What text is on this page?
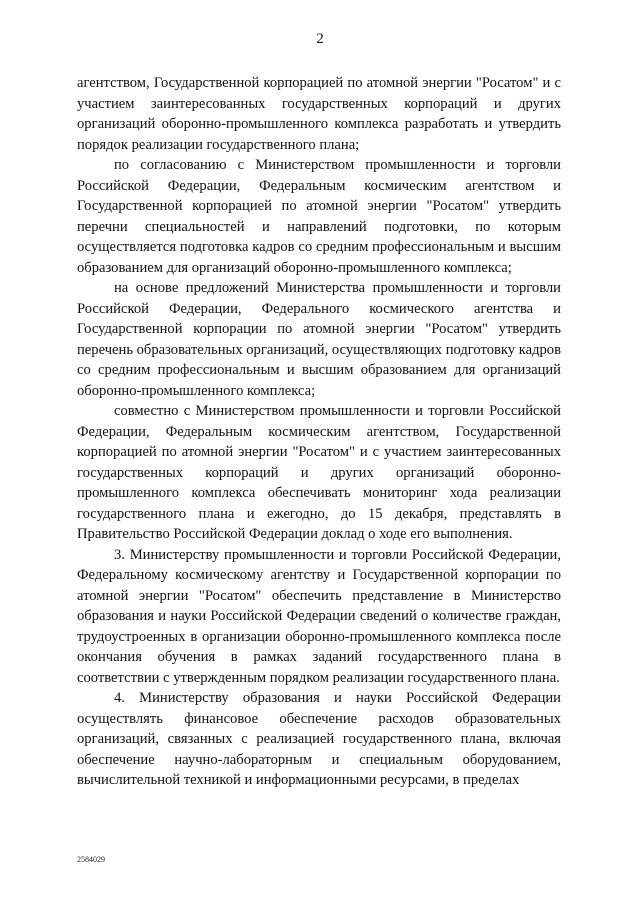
2

агентством, Государственной корпорацией по атомной энергии "Росатом" и с участием заинтересованных государственных корпораций и других организаций оборонно-промышленного комплекса разработать и утвердить порядок реализации государственного плана;

по согласованию с Министерством промышленности и торговли Российской Федерации, Федеральным космическим агентством и Государственной корпорацией по атомной энергии "Росатом" утвердить перечни специальностей и направлений подготовки, по которым осуществляется подготовка кадров со средним профессиональным и высшим образованием для организаций оборонно-промышленного комплекса;

на основе предложений Министерства промышленности и торговли Российской Федерации, Федерального космического агентства и Государственной корпорации по атомной энергии "Росатом" утвердить перечень образовательных организаций, осуществляющих подготовку кадров со средним профессиональным и высшим образованием для организаций оборонно-промышленного комплекса;

совместно с Министерством промышленности и торговли Российской Федерации, Федеральным космическим агентством, Государственной корпорацией по атомной энергии "Росатом" и с участием заинтересованных государственных корпораций и других организаций оборонно-промышленного комплекса обеспечивать мониторинг хода реализации государственного плана и ежегодно, до 15 декабря, представлять в Правительство Российской Федерации доклад о ходе его выполнения.

3. Министерству промышленности и торговли Российской Федерации, Федеральному космическому агентству и Государственной корпорации по атомной энергии "Росатом" обеспечить представление в Министерство образования и науки Российской Федерации сведений о количестве граждан, трудоустроенных в организации оборонно-промышленного комплекса после окончания обучения в рамках заданий государственного плана в соответствии с утвержденным порядком реализации государственного плана.

4. Министерству образования и науки Российской Федерации осуществлять финансовое обеспечение расходов образовательных организаций, связанных с реализацией государственного плана, включая обеспечение научно-лабораторным и специальным оборудованием, вычислительной техникой и информационными ресурсами, в пределах

2584029
